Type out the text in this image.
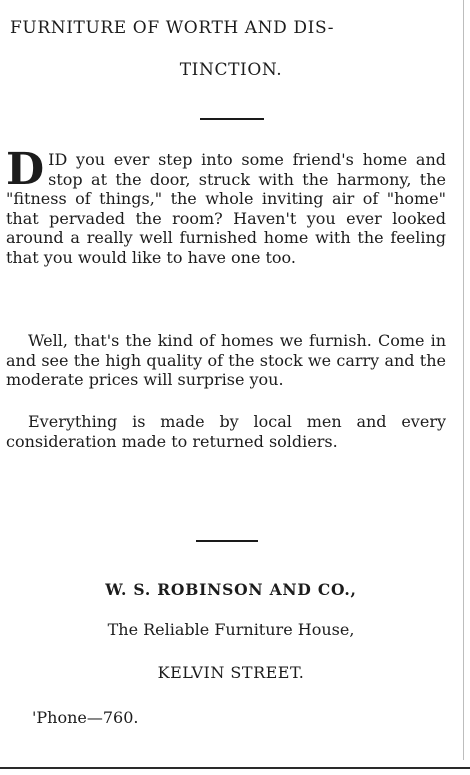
FURNITURE OF WORTH AND DIS-
TINCTION.
DID you ever step into some friend's home and stop at the door, struck with the harmony, the "fitness of things," the whole inviting air of "home" that pervaded the room? Haven't you ever looked around a really well furnished home with the feeling that you would like to have one too.
Well, that's the kind of homes we furnish. Come in and see the high quality of the stock we carry and the moderate prices will surprise you.
Everything is made by local men and every consideration made to returned soldiers.
W. S. ROBINSON AND CO.,
The Reliable Furniture House,
KELVIN STREET.
'Phone—760.
